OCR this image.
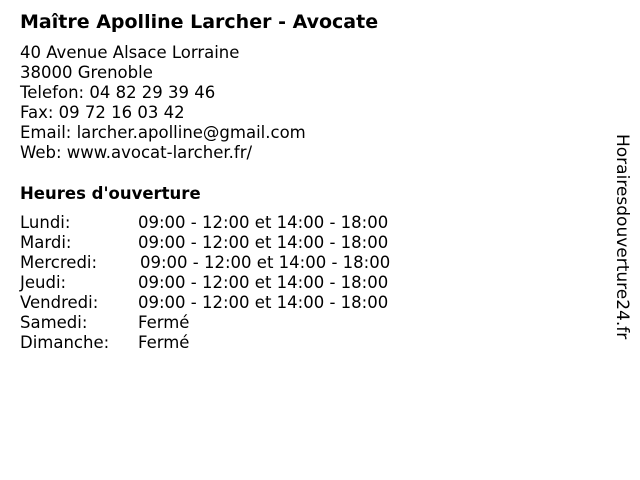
Maître Apolline Larcher - Avocate
40 Avenue Alsace Lorraine
38000 Grenoble
Telefon: 04 82 29 39 46
Fax: 09 72 16 03 42
Email: larcher.apolline@gmail.com
Web: www.avocat-larcher.fr/
Heures d'ouverture
Lundi:	09:00 - 12:00 et 14:00 - 18:00
Mardi:	09:00 - 12:00 et 14:00 - 18:00
Mercredi:	09:00 - 12:00 et 14:00 - 18:00
Jeudi:	09:00 - 12:00 et 14:00 - 18:00
Vendredi: 09:00 - 12:00 et 14:00 - 18:00
Samedi:	Fermé
Dimanche: Fermé
Horairesdouverture24.fr
